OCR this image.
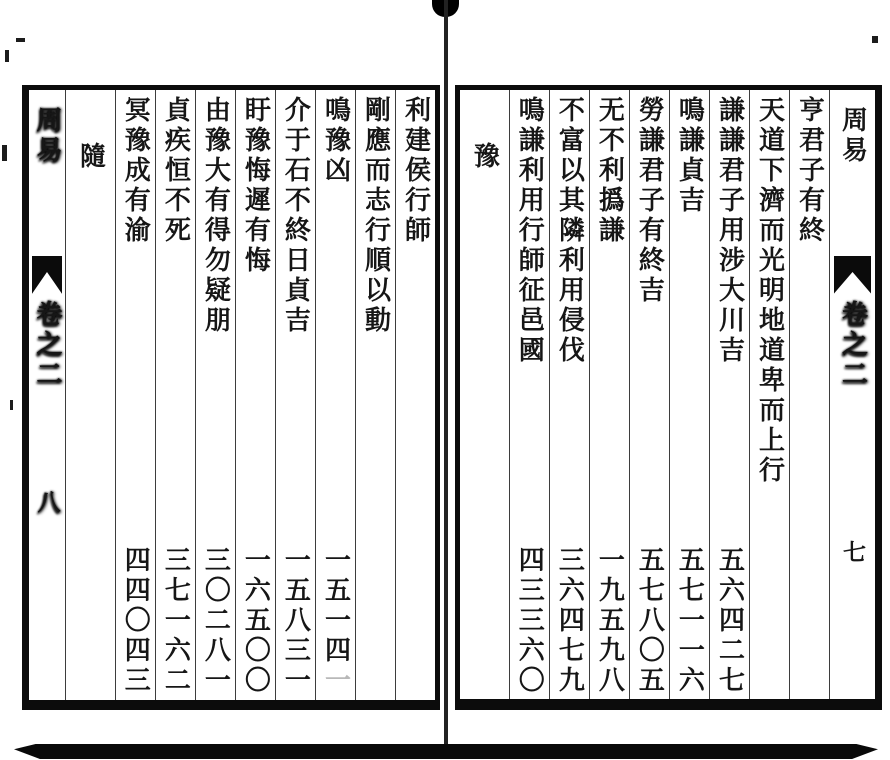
周易
卷之二
八
利建侯行師
剛應而志行順以動
鳴豫凶
一五一四一
介于石不終日貞吉
一五八三一
盱豫悔遲有悔
一六五〇〇
由豫大有得勿疑朋
三〇二八一
貞疾恒不死
三七一六二
冥豫成有渝
四四〇四三
隨	周易
卷之二
七
亨君子有終
天道下濟而光明地道卑而上行
謙謙君子用涉大川吉
五六四二七
鳴謙貞吉
五七一一六
勞謙君子有終吉
五七八〇五
无不利撝謙
一九五九八
不富以其隣利用侵伐
三六四七九
鳴謙利用行師征邑國
四三三六〇
豫
